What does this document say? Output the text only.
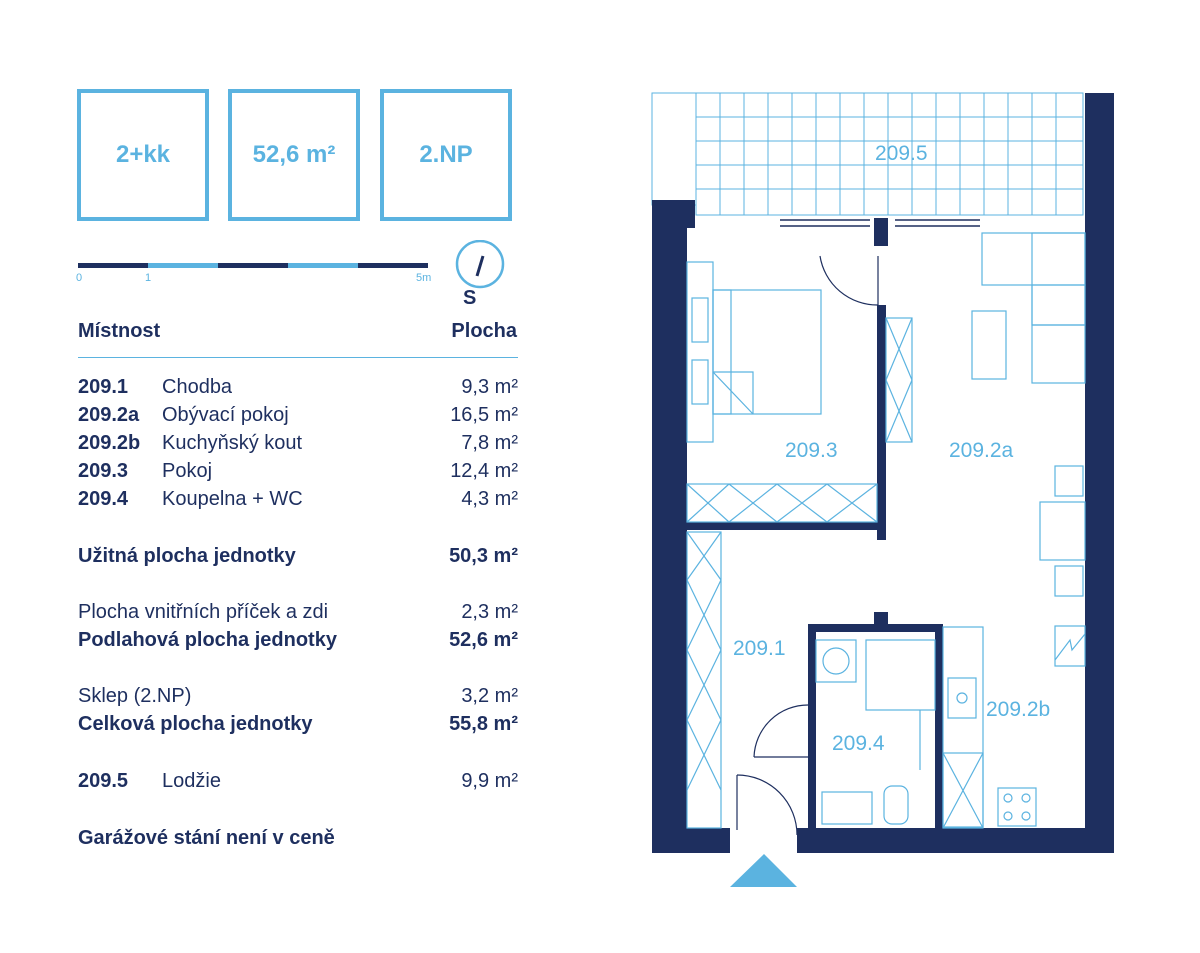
2+kk	52,6 m²	2.NP
0	1	5m
S
Místnost	Plocha
209.1 Chodba	9,3 m²
209.2a Obývací pokoj	16,5 m²
209.2b Kuchyňský kout	7,8 m²
209.3 Pokoj	12,4 m²
209.4 Koupelna + WC	4,3 m²
Užitná plocha jednotky	50,3 m²
Plocha vnitřních příček a zdi	2,3 m²
Podlahová plocha jednotky	52,6 m²
Sklep (2.NP)	3,2 m²
Celková plocha jednotky	55,8 m²
209.5 Lodžie	9,9 m²
Garážové stání není v ceně
209.5
209.3	209.2a
209.1
209.2b
209.4
